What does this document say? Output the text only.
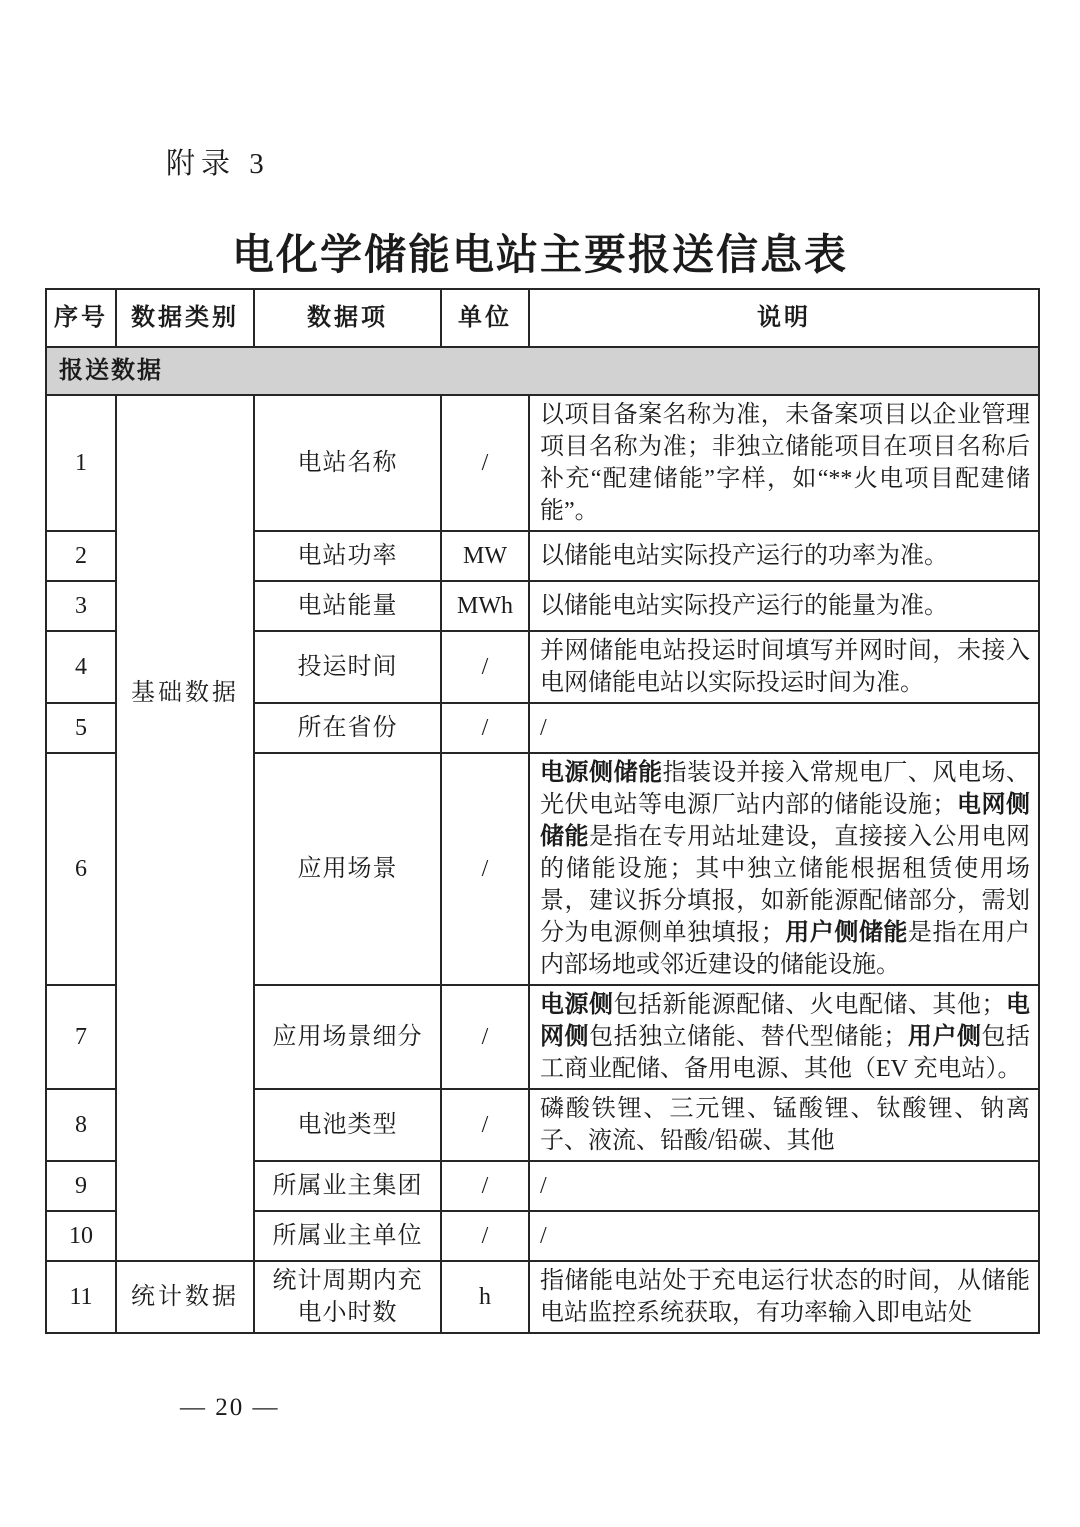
附录 3
电化学储能电站主要报送信息表
序号	数据类别	数据项	单位	说明
报送数据				
1	基础数据	电站名称	/	以项目备案名称为准，未备案项目以企业管理项目名称为准；非独立储能项目在项目名称后补充“配建储能”字样，如“**火电项目配建储能”。
2		电站功率	MW	以储能电站实际投产运行的功率为准。
3		电站能量	MWh	以储能电站实际投产运行的能量为准。
4		投运时间	/	并网储能电站投运时间填写并网时间，未接入电网储能电站以实际投运时间为准。
5		所在省份	/	/
6		应用场景	/	电源侧储能指装设并接入常规电厂、风电场、光伏电站等电源厂站内部的储能设施；电网侧储能是指在专用站址建设，直接接入公用电网的储能设施；其中独立储能根据租赁使用场景，建议拆分填报，如新能源配储部分，需划分为电源侧单独填报；用户侧储能是指在用户内部场地或邻近建设的储能设施。
7		应用场景细分	/	电源侧包括新能源配储、火电配储、其他；电网侧包括独立储能、替代型储能；用户侧包括工商业配储、备用电源、其他（EV 充电站）。
8		电池类型	/	磷酸铁锂、三元锂、锰酸锂、钛酸锂、钠离子、液流、铅酸/铅碳、其他
9		所属业主集团	/	/
10		所属业主单位	/	/
11	统计数据	统计周期内充电小时数	h	指储能电站处于充电运行状态的时间，从储能电站监控系统获取，有功率输入即电站处
— 20 —
